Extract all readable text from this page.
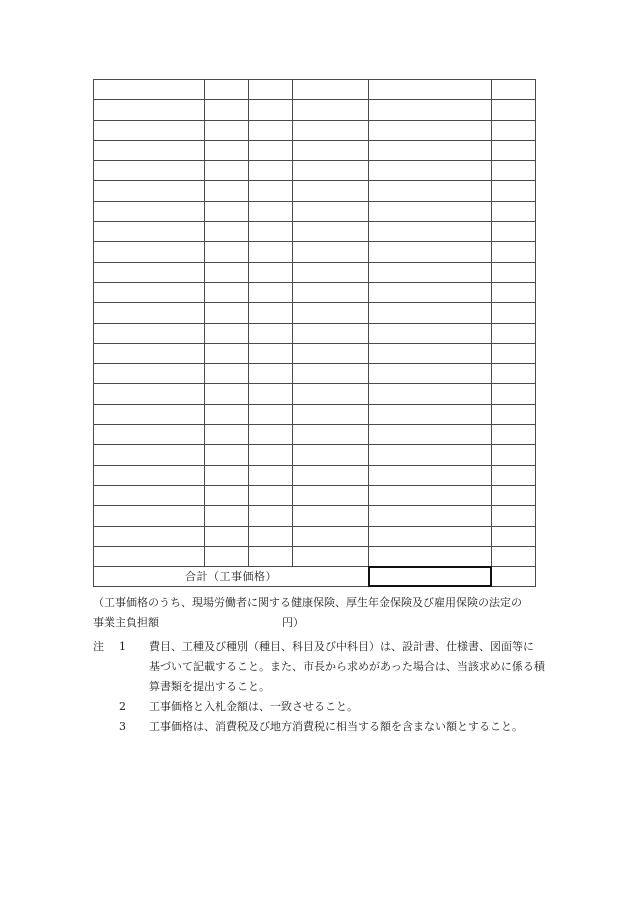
合計（工事価格）				

（工事価格のうち、現場労働者に関する健康保険、厚生年金保険及び雇用保険の法定の
事業主負担額	円）
注 1 費目、工種及び種別（種目、科目及び中科目）は、設計書、仕様書、図面等に
基づいて記載すること。また、市長から求めがあった場合は、当該求めに係る積
算書類を提出すること。
2 工事価格と入札金額は、一致させること。
3 工事価格は、消費税及び地方消費税に相当する額を含まない額とすること。
